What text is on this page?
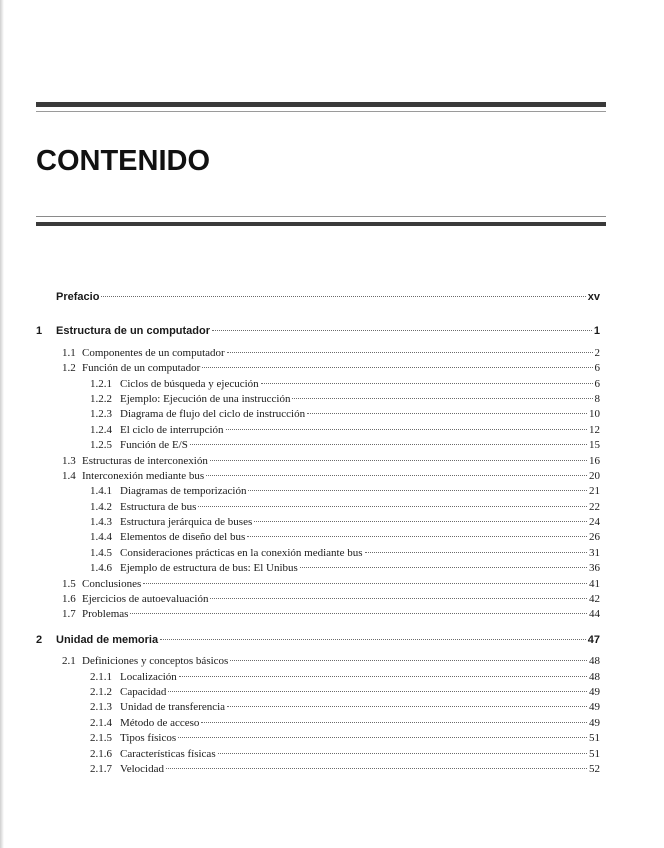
CONTENIDO
Prefacio	xv
1	Estructura de un computador	1
1.1 Componentes de un computador	2
1.2 Función de un computador	6
1.2.1 Ciclos de búsqueda y ejecución	6
1.2.2 Ejemplo: Ejecución de una instrucción	8
1.2.3 Diagrama de flujo del ciclo de instrucción	10
1.2.4 El ciclo de interrupción	12
1.2.5 Función de E/S	15
1.3 Estructuras de interconexión	16
1.4 Interconexión mediante bus	20
1.4.1 Diagramas de temporización	21
1.4.2 Estructura de bus	22
1.4.3 Estructura jerárquica de buses	24
1.4.4 Elementos de diseño del bus	26
1.4.5 Consideraciones prácticas en la conexión mediante bus	31
1.4.6 Ejemplo de estructura de bus: El Unibus	36
1.5 Conclusiones	41
1.6 Ejercicios de autoevaluación	42
1.7 Problemas	44
2	Unidad de memoria	47
2.1 Definiciones y conceptos básicos	48
2.1.1 Localización	48
2.1.2 Capacidad	49
2.1.3 Unidad de transferencia	49
2.1.4 Método de acceso	49
2.1.5 Tipos físicos	51
2.1.6 Características físicas	51
2.1.7 Velocidad	52
